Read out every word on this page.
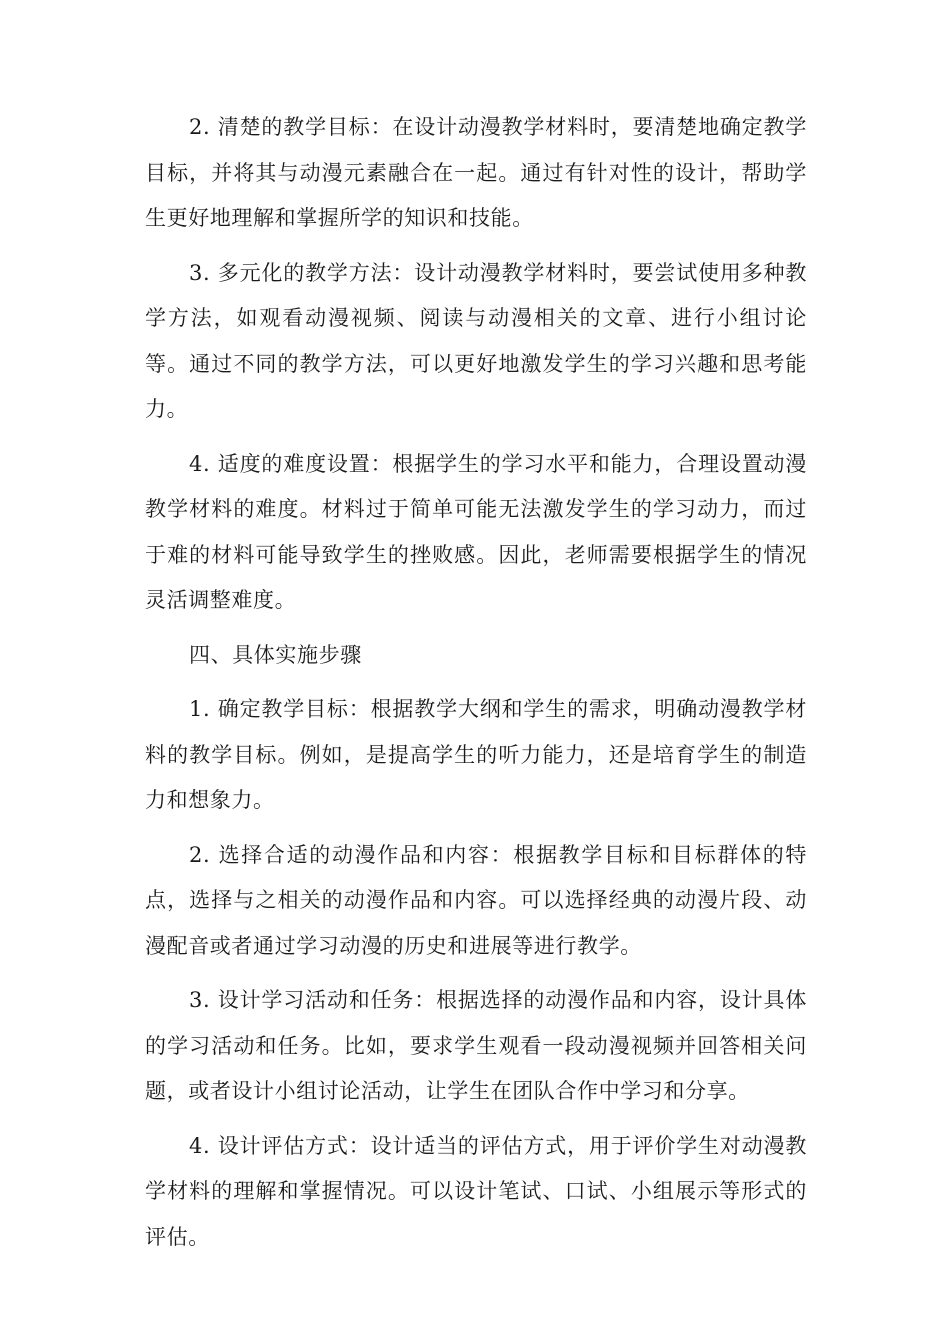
2. 清楚的教学目标：在设计动漫教学材料时，要清楚地确定教学目标，并将其与动漫元素融合在一起。通过有针对性的设计，帮助学生更好地理解和掌握所学的知识和技能。

3. 多元化的教学方法：设计动漫教学材料时，要尝试使用多种教学方法，如观看动漫视频、阅读与动漫相关的文章、进行小组讨论等。通过不同的教学方法，可以更好地激发学生的学习兴趣和思考能力。

4. 适度的难度设置：根据学生的学习水平和能力，合理设置动漫教学材料的难度。材料过于简单可能无法激发学生的学习动力，而过于难的材料可能导致学生的挫败感。因此，老师需要根据学生的情况灵活调整难度。

四、具体实施步骤

1. 确定教学目标：根据教学大纲和学生的需求，明确动漫教学材料的教学目标。例如，是提高学生的听力能力，还是培育学生的制造力和想象力。

2. 选择合适的动漫作品和内容：根据教学目标和目标群体的特点，选择与之相关的动漫作品和内容。可以选择经典的动漫片段、动漫配音或者通过学习动漫的历史和进展等进行教学。

3. 设计学习活动和任务：根据选择的动漫作品和内容，设计具体的学习活动和任务。比如，要求学生观看一段动漫视频并回答相关问题，或者设计小组讨论活动，让学生在团队合作中学习和分享。

4. 设计评估方式：设计适当的评估方式，用于评价学生对动漫教学材料的理解和掌握情况。可以设计笔试、口试、小组展示等形式的评估。
